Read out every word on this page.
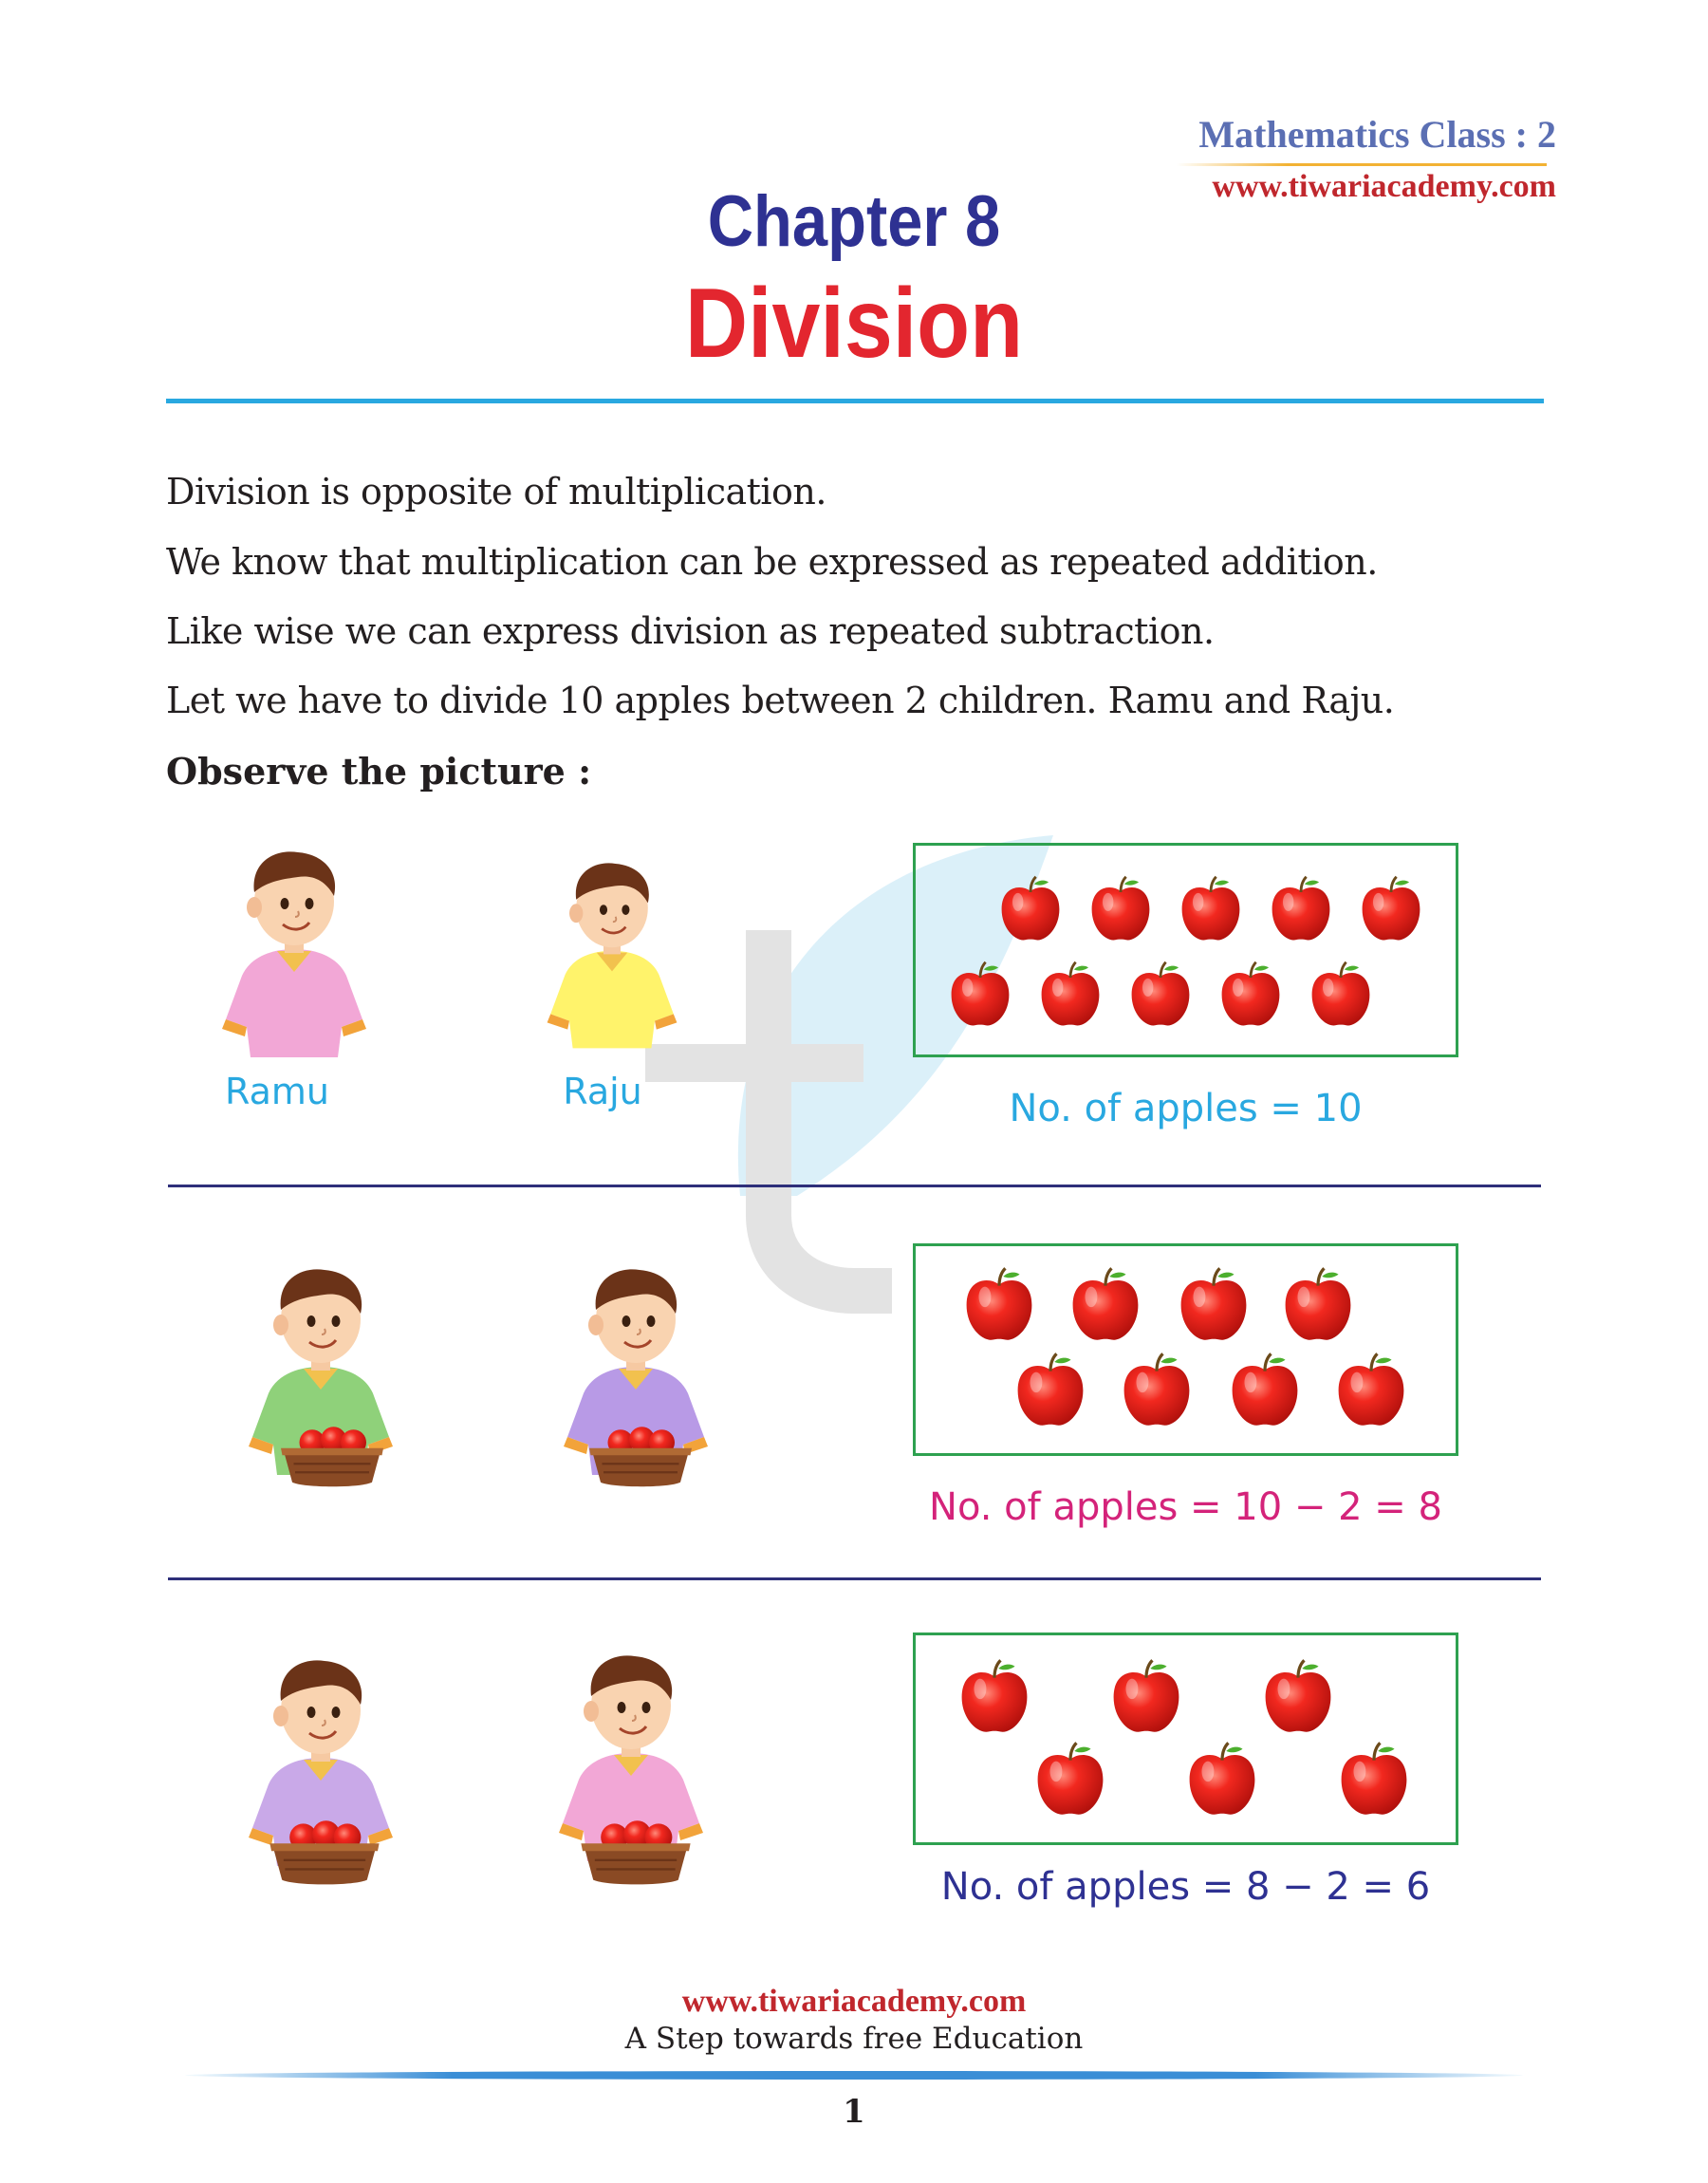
Mathematics Class : 2
www.tiwariacademy.com
Chapter 8
Division
Division is opposite of multiplication.
We know that multiplication can be expressed as repeated addition.
Like wise we can express division as repeated subtraction.
Let we have to divide 10 apples between 2 children. Ramu and Raju.
Observe the picture :
Ramu	Raju	No. of apples = 10
No. of apples = 10 − 2 = 8
No. of apples = 8 − 2 = 6
www.tiwariacademy.com
A Step towards free Education
1
